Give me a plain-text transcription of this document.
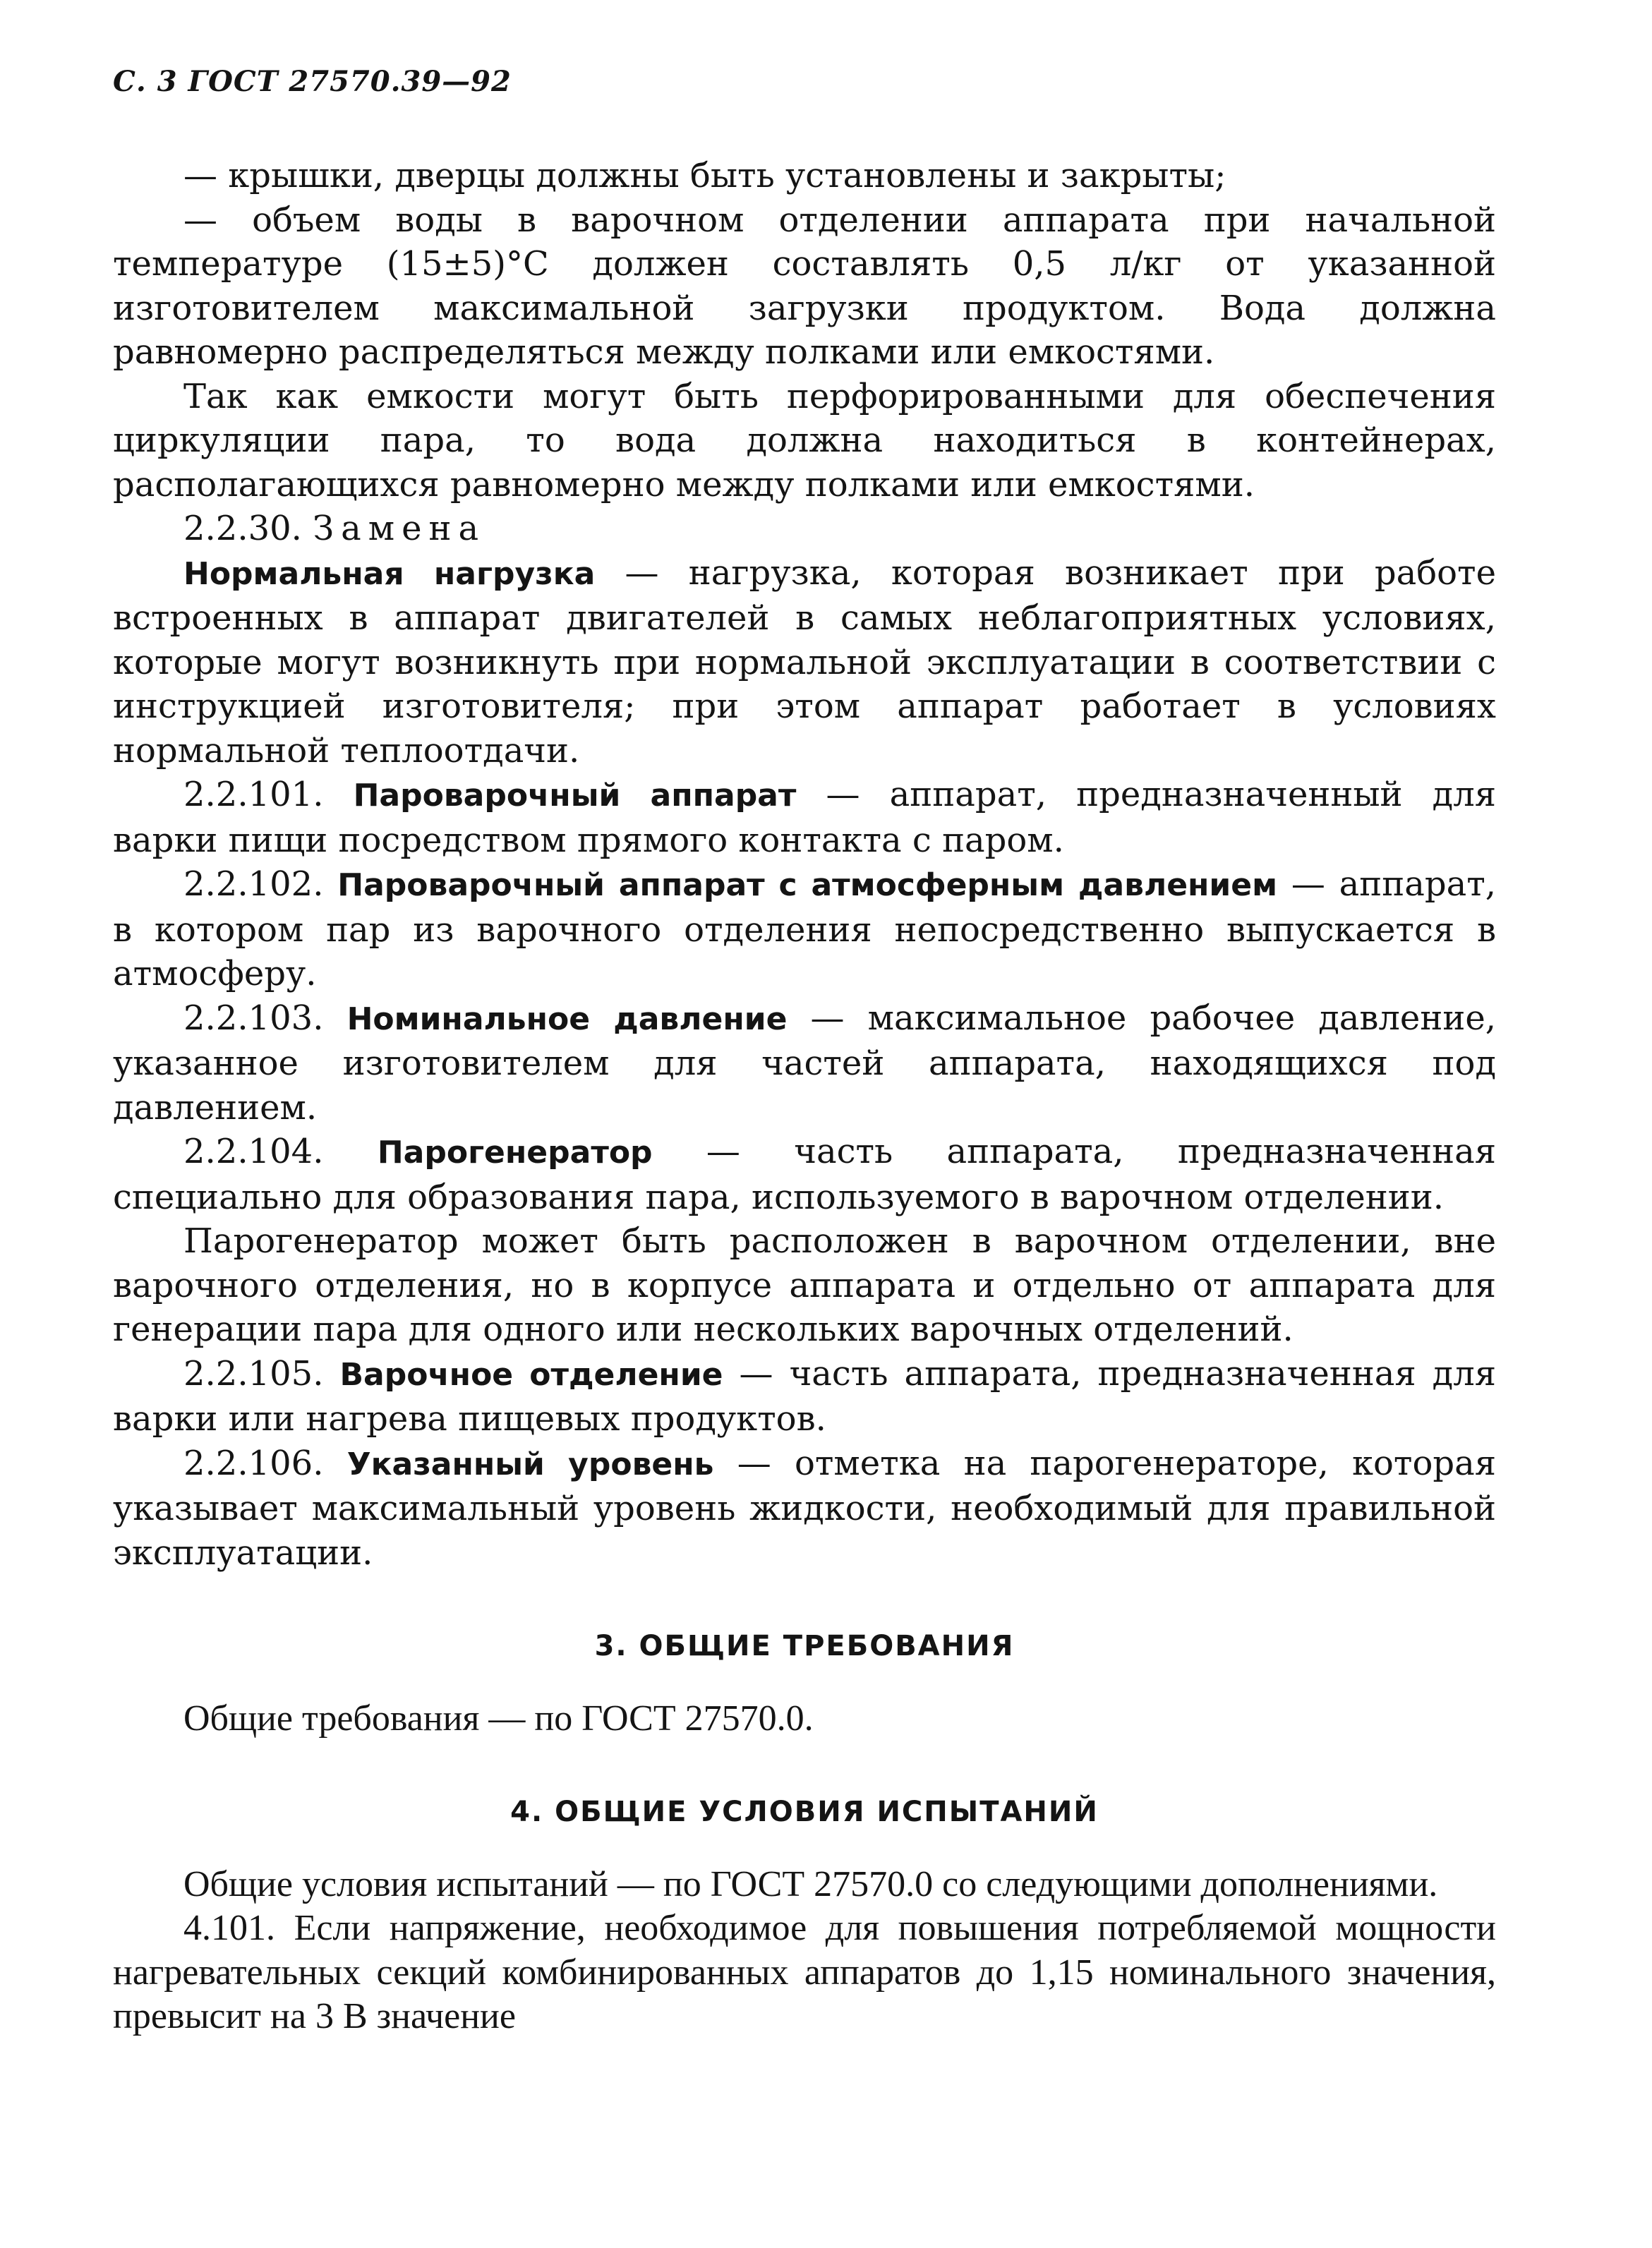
С. 3 ГОСТ 27570.39—92

— крышки, дверцы должны быть установлены и закрыты;

— объем воды в варочном отделении аппарата при начальной температуре (15±5)°C должен составлять 0,5 л/кг от указанной изготовителем максимальной загрузки продуктом. Вода должна равномерно распределяться между полками или емкостями.

Так как емкости могут быть перфорированными для обеспечения циркуляции пара, то вода должна находиться в контейнерах, располагающихся равномерно между полками или емкостями.

2.2.30. Замена

Нормальная нагрузка — нагрузка, которая возникает при работе встроенных в аппарат двигателей в самых неблагоприятных условиях, которые могут возникнуть при нормальной эксплуатации в соответствии с инструкцией изготовителя; при этом аппарат работает в условиях нормальной теплоотдачи.

2.2.101. Пароварочный аппарат — аппарат, предназначенный для варки пищи посредством прямого контакта с паром.

2.2.102. Пароварочный аппарат с атмосферным давлением — аппарат, в котором пар из варочного отделения непосредственно выпускается в атмосферу.

2.2.103. Номинальное давление — максимальное рабочее давление, указанное изготовителем для частей аппарата, находящихся под давлением.

2.2.104. Парогенератор — часть аппарата, предназначенная специально для образования пара, используемого в варочном отделении.

Парогенератор может быть расположен в варочном отделении, вне варочного отделения, но в корпусе аппарата и отдельно от аппарата для генерации пара для одного или нескольких варочных отделений.

2.2.105. Варочное отделение — часть аппарата, предназначенная для варки или нагрева пищевых продуктов.

2.2.106. Указанный уровень — отметка на парогенераторе, которая указывает максимальный уровень жидкости, необходимый для правильной эксплуатации.

3. ОБЩИЕ ТРЕБОВАНИЯ

Общие требования — по ГОСТ 27570.0.

4. ОБЩИЕ УСЛОВИЯ ИСПЫТАНИЙ

Общие условия испытаний — по ГОСТ 27570.0 со следующими дополнениями.

4.101. Если напряжение, необходимое для повышения потребляемой мощности нагревательных секций комбинированных аппаратов до 1,15 номинального значения, превысит на 3 В значение
